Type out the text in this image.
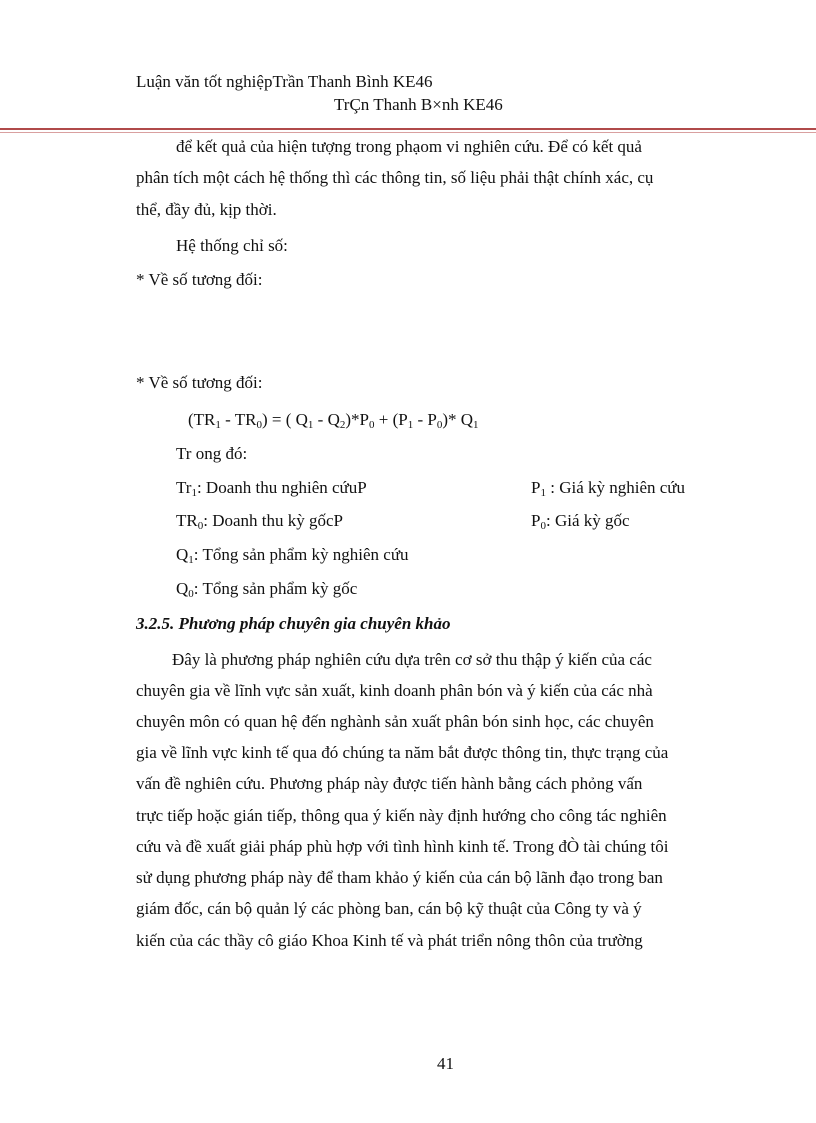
Luận văn tốt nghiệpTrần Thanh Bình KE46
TrÇn Thanh B×nh KE46
để kết quả của hiện tượng trong phạom vi nghiên cứu. Để có kết quả
phân tích một cách hệ thống thì các thông tin, số liệu phải thật chính xác, cụ
thể, đầy đủ, kịp thời.
Hệ thống chỉ số:
* Về số tương đối:
* Về số tương đối:
$(TR_1 - TR_0)$ = ( $Q_1 - Q_2)*P_0 + (P_1 - P_0)*$ $Q_1$
Tr ong đó:
$Tr_1$: Doanh thu nghiên cứuP	$P_1$ : Giá kỳ nghiên cứu
$TR_0$: Doanh thu kỳ gốcP	$P_0$: Giá kỳ gốc
$Q_1$: Tổng sản phẩm kỳ nghiên cứu
$Q_0$: Tổng sản phẩm kỳ gốc
3.2.5. Phương pháp chuyên gia chuyên khảo
Đây là phương pháp nghiên cứu dựa trên cơ sở thu thập ý kiến của các
chuyên gia về lĩnh vực sản xuất, kinh doanh phân bón và ý kiến của các nhà
chuyên môn có quan hệ đến nghành sản xuất phân bón sinh học, các chuyên
gia về lĩnh vực kinh tế qua đó chúng ta năm bắt được thông tin, thực trạng của
vấn đề nghiên cứu. Phương pháp này được tiến hành bằng cách phỏng vấn
trực tiếp hoặc gián tiếp, thông qua ý kiến này định hướng cho công tác nghiên
cứu và đề xuất giải pháp phù hợp với tình hình kinh tế. Trong đÒ tài chúng tôi
sử dụng phương pháp này để tham khảo ý kiến của cán bộ lãnh đạo trong ban
giám đốc, cán bộ quản lý các phòng ban, cán bộ kỹ thuật của Công ty và ý
kiến của các thầy cô giáo Khoa Kinh tế và phát triển nông thôn của trường
41
